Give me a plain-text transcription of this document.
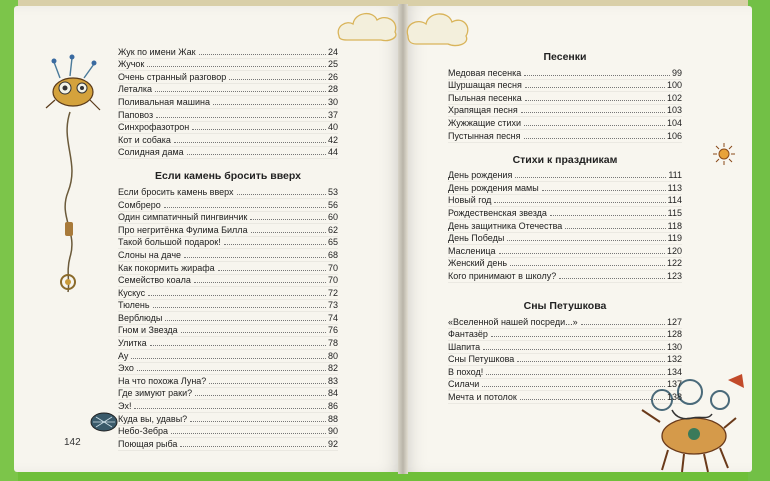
142
Жук по имени Жак	24
Жучок	25
Очень странный разговор	26
Леталка	28
Поливальная машина	30
Паповоз	37
Синхрофазотрон	40
Кот и собака	42
Солидная дама	44
Если камень бросить вверх
Если бросить камень вверх	53
Сомбреро	56
Один симпатичный пингвинчик	60
Про негритёнка Фулима Билла	62
Такой большой подарок!	65
Слоны на даче	68
Как покормить жирафа	70
Семейство коала	70
Кускус	72
Тюлень	73
Верблюды	74
Гном и Звезда	76
Улитка	78
Ау	80
Эхо	82
На что похожа Луна?	83
Где зимуют раки?	84
Эх!	86
Куда вы, удавы?	88
Небо-Зебра	90
Поющая рыба	92
Песенки
Медовая песенка	99
Шуршащая песня	100
Пыльная песенка	102
Храпящая песня	103
Жужжащие стихи	104
Пустынная песня	106
Стихи к праздникам
День рождения	111
День рождения мамы	113
Новый год	114
Рождественская звезда	115
День защитника Отечества	118
День Победы	119
Масленица	120
Женский день	122
Кого принимают в школу?	123
Сны Петушкова
«Вселенной нашей посреди...»	127
Фантазёр	128
Шапита	130
Сны Петушкова	132
В поход!	134
Силачи	137
Мечта и потолок	138
